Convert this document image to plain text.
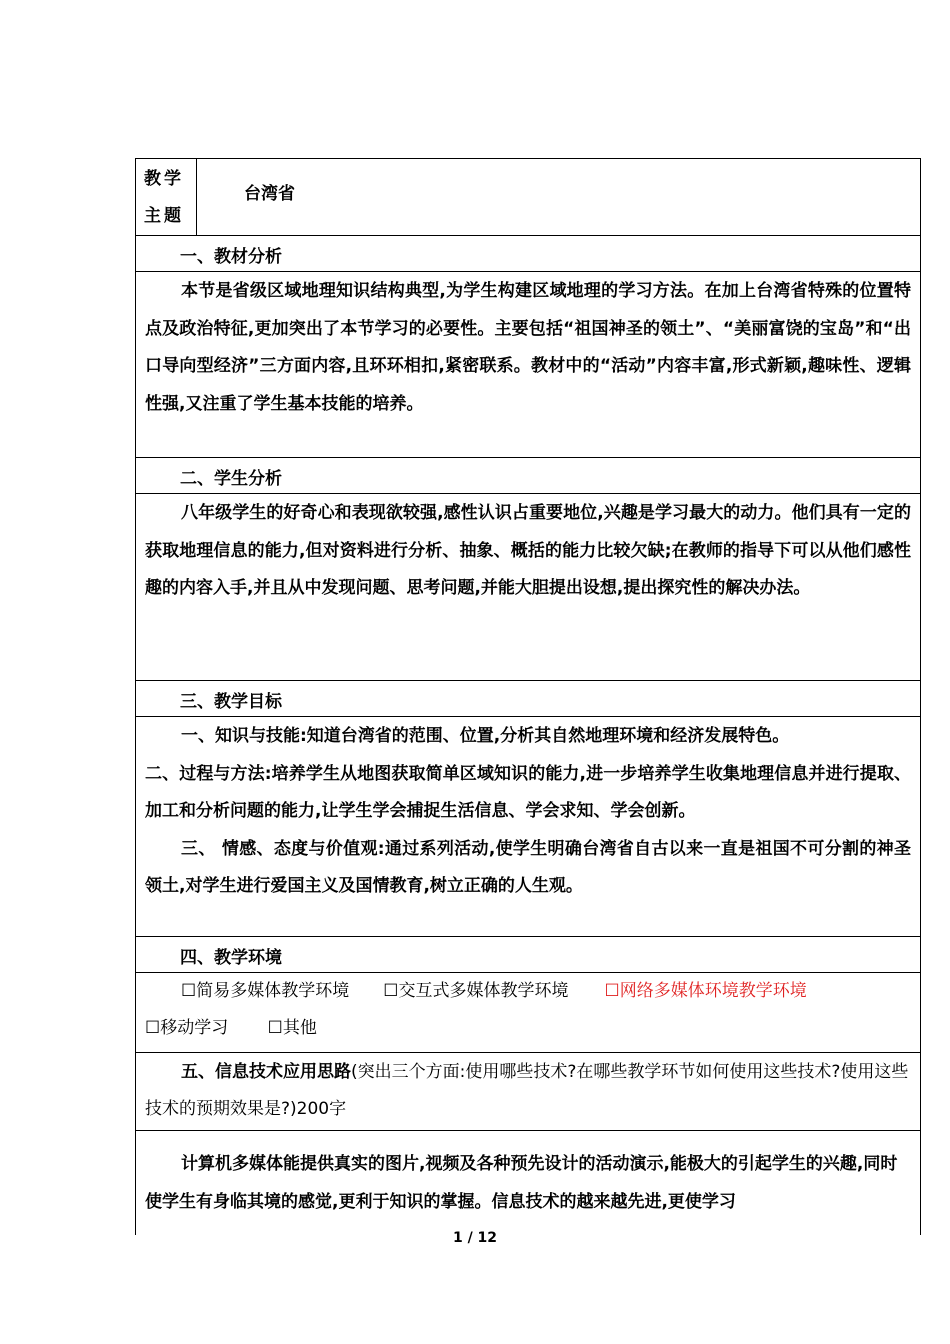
教学主题
台湾省
一、教材分析
本节是省级区域地理知识结构典型,为学生构建区域地理的学习方法。在加上台湾省特殊的位置特点及政治特征,更加突出了本节学习的必要性。主要包括“祖国神圣的领土”、“美丽富饶的宝岛”和“出口导向型经济”三方面内容,且环环相扣,紧密联系。教材中的“活动”内容丰富,形式新颖,趣味性、逻辑性强,又注重了学生基本技能的培养。
二、学生分析
八年级学生的好奇心和表现欲较强,感性认识占重要地位,兴趣是学习最大的动力。他们具有一定的获取地理信息的能力,但对资料进行分析、抽象、概括的能力比较欠缺;在教师的指导下可以从他们感性趣的内容入手,并且从中发现问题、思考问题,并能大胆提出设想,提出探究性的解决办法。
三、教学目标
一、知识与技能:知道台湾省的范围、位置,分析其自然地理环境和经济发展特色。
二、过程与方法:培养学生从地图获取简单区域知识的能力,进一步培养学生收集地理信息并进行提取、加工和分析问题的能力,让学生学会捕捉生活信息、学会求知、学会创新。
三、 情感、态度与价值观:通过系列活动,使学生明确台湾省自古以来一直是祖国不可分割的神圣领土,对学生进行爱国主义及国情教育,树立正确的人生观。
四、教学环境
☐简易多媒体教学环境 ☐交互式多媒体教学环境 ☐网络多媒体环境教学环境
☐移动学习 ☐其他
五、信息技术应用思路(突出三个方面:使用哪些技术?在哪些教学环节如何使用这些技术?使用这些技术的预期效果是?)200字
计算机多媒体能提供真实的图片,视频及各种预先设计的活动演示,能极大的引起学生的兴趣,同时使学生有身临其境的感觉,更利于知识的掌握。信息技术的越来越先进,更使学习
1 / 12
